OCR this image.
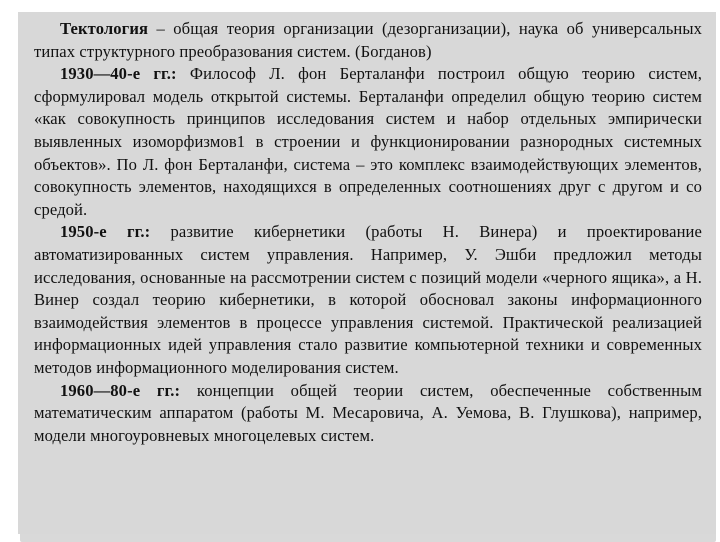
Тектология – общая теория организации (дезорганизации), наука об универсальных типах структурного преобразования систем. (Богданов)

1930—40-е гг.: Философ Л. фон Берталанфи построил общую теорию систем, сформулировал модель открытой системы. Берталанфи определил общую теорию систем «как совокупность принципов исследования систем и набор отдельных эмпирически выявленных изоморфизмов1 в строении и функционировании разнородных системных объектов». По Л. фон Берталанфи, система – это комплекс взаимодействующих элементов, совокупность элементов, находящихся в определенных соотношениях друг с другом и со средой.

1950-е гг.: развитие кибернетики (работы Н. Винера) и проектирование автоматизированных систем управления. Например, У. Эшби предложил методы исследования, основанные на рассмотрении систем с позиций модели «черного ящика», а Н. Винер создал теорию кибернетики, в которой обосновал законы информационного взаимодействия элементов в процессе управления системой. Практической реализацией информационных идей управления стало развитие компьютерной техники и современных методов информационного моделирования систем.

1960—80-е гг.: концепции общей теории систем, обеспеченные собственным математическим аппаратом (работы М. Месаровича, А. Уемова, В. Глушкова), например, модели многоуровневых многоцелевых систем.
